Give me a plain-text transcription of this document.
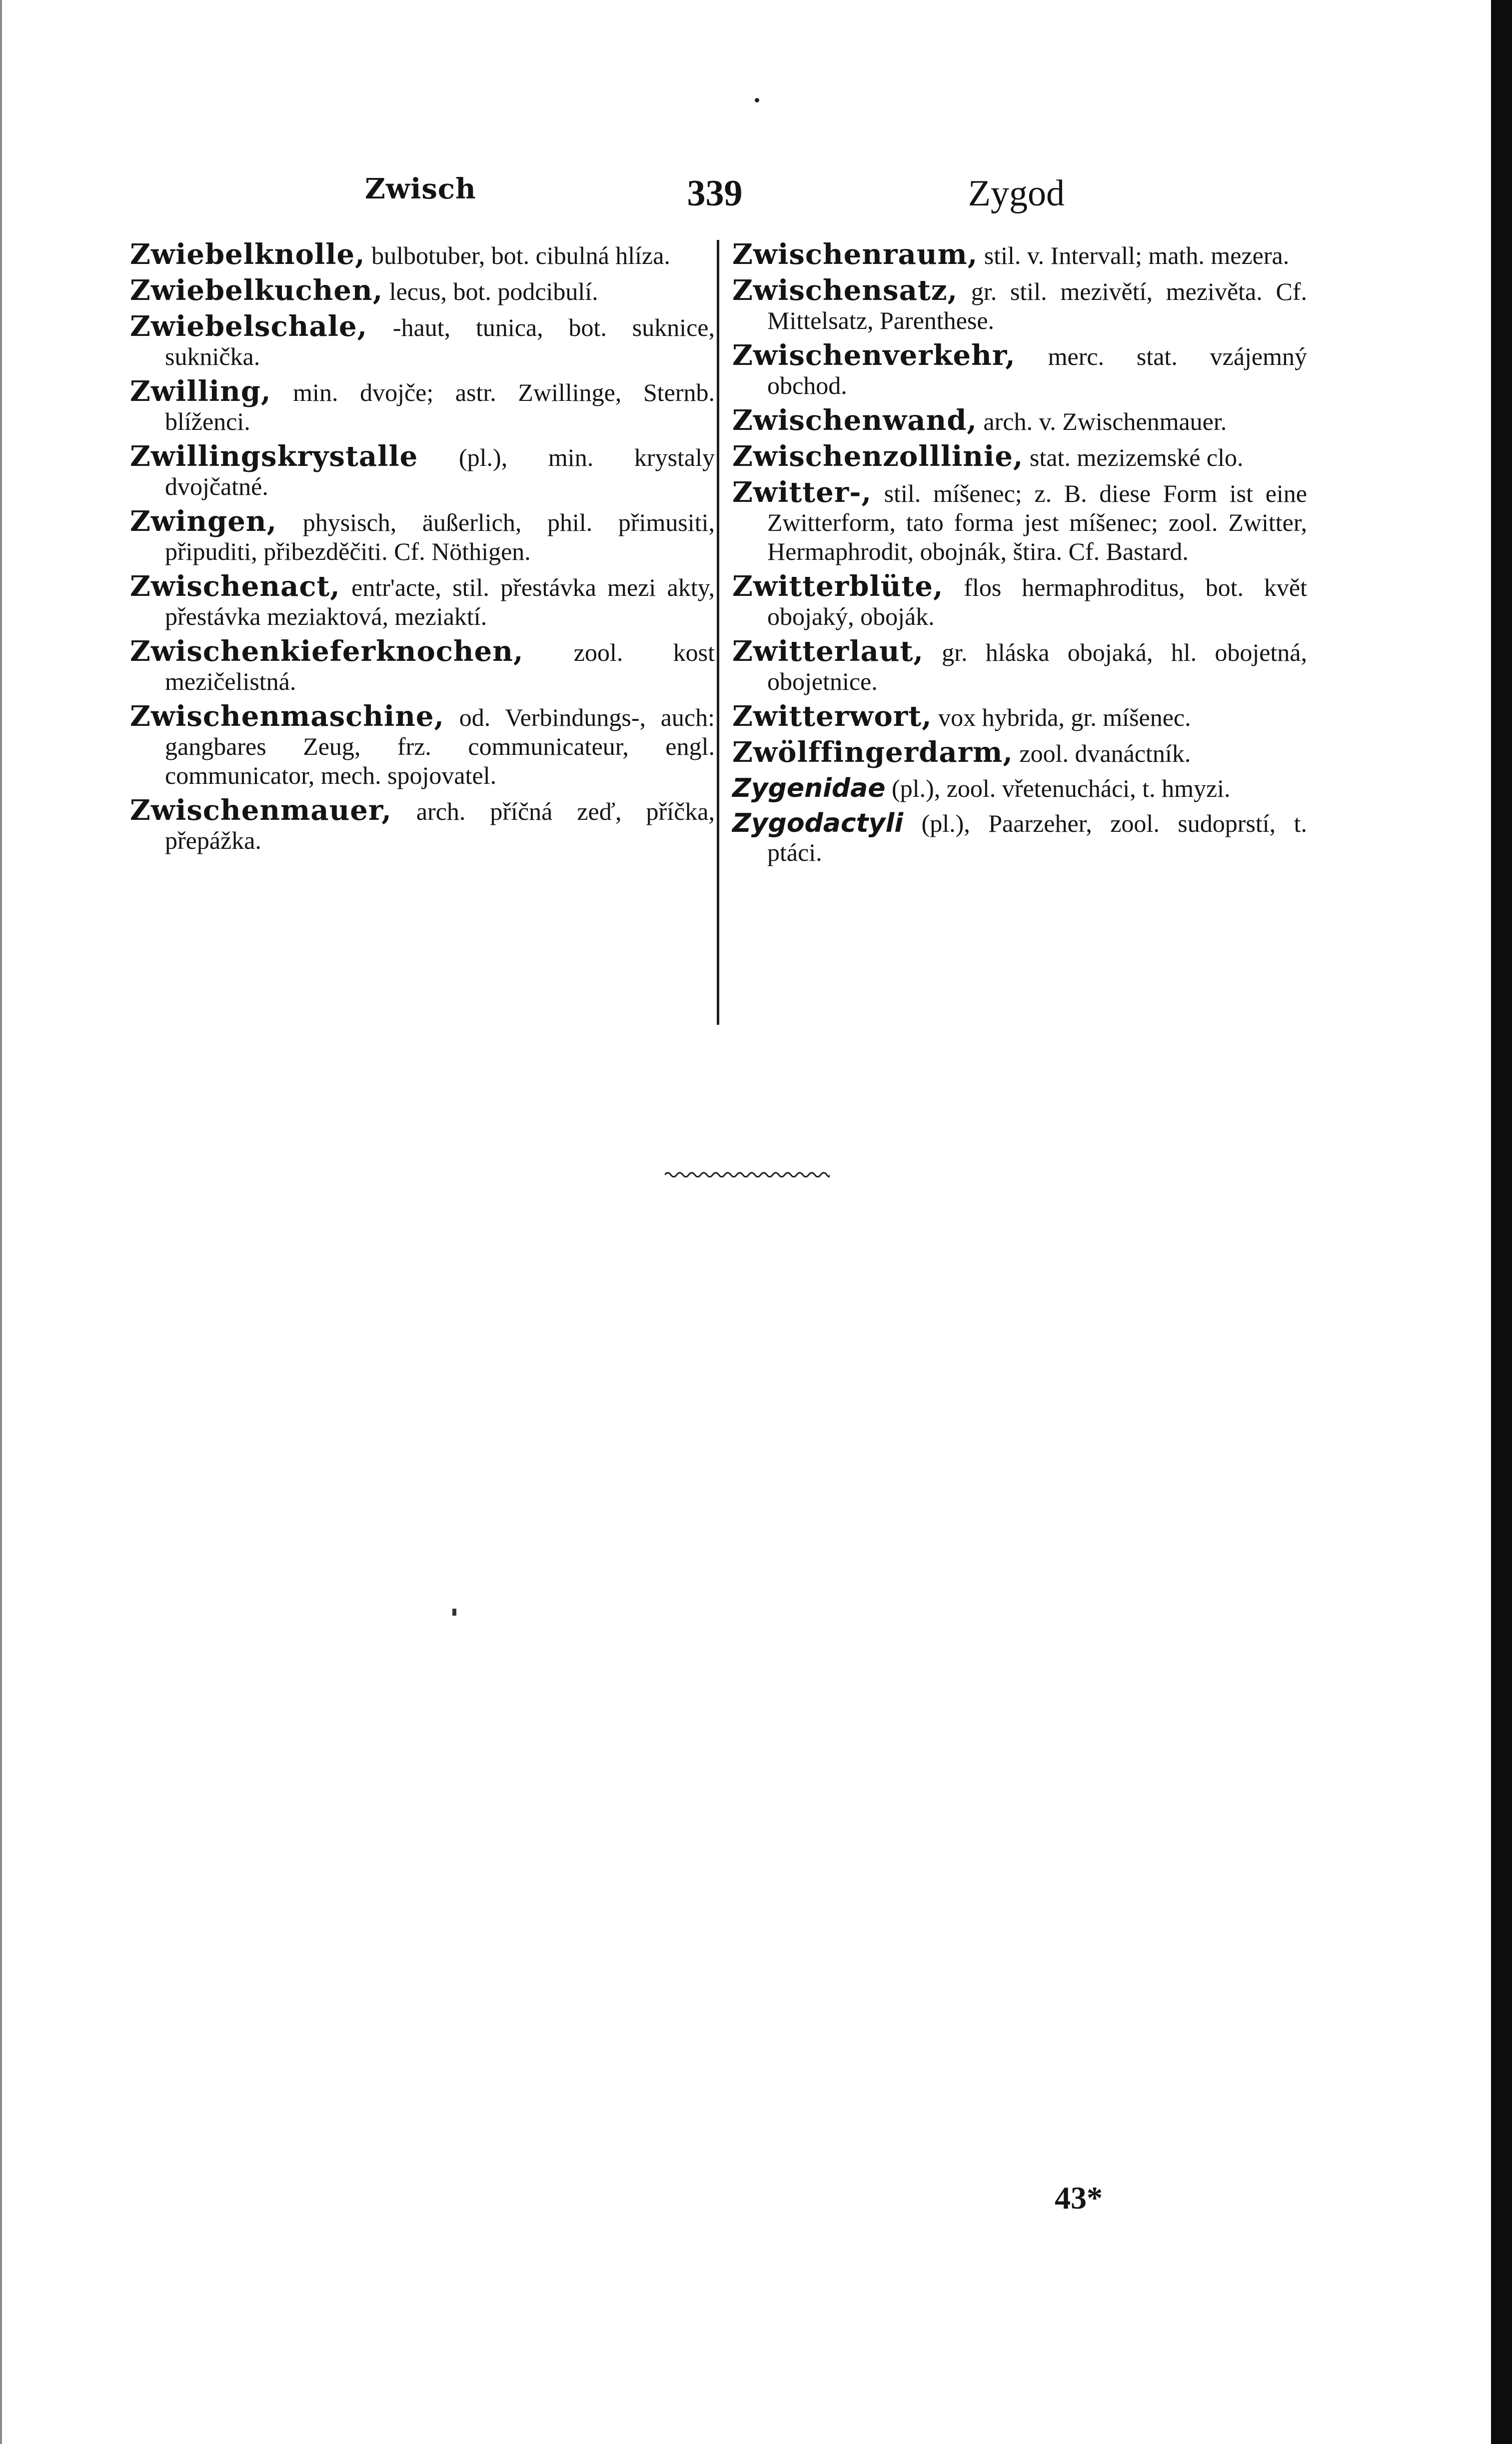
Zwisch	339	Zygod

Zwiebelknolle, bulbotuber, bot. cibulná hlíza.

Zwiebelkuchen, lecus, bot. podcibulí.

Zwiebelschale, -haut, tunica, bot. suknice, suknička.

Zwilling, min. dvojče; astr. Zwillinge, Sternb. blíženci.

Zwillingskrystalle (pl.), min. krystaly dvojčatné.

Zwingen, physisch, äußerlich, phil. přimusiti, připuditi, přibezděčiti. Cf. Nöthigen.

Zwischenact, entr'acte, stil. přestávka mezi akty, přestávka meziaktová, meziaktí.

Zwischenkieferknochen, zool. kost mezičelistná.

Zwischenmaschine, od. Verbindungs-, auch: gangbares Zeug, frz. communicateur, engl. communicator, mech. spojovatel.

Zwischenmauer, arch. příčná zeď, příčka, přepážka.

Zwischenraum, stil. v. Intervall; math. mezera.

Zwischensatz, gr. stil. mezivětí, mezivěta. Cf. Mittelsatz, Parenthese.

Zwischenverkehr, merc. stat. vzájemný obchod.

Zwischenwand, arch. v. Zwischenmauer.

Zwischenzolllinie, stat. mezizemské clo.

Zwitter-, stil. míšenec; z. B. diese Form ist eine Zwitterform, tato forma jest míšenec; zool. Zwitter, Hermaphrodit, obojnák, štira. Cf. Bastard.

Zwitterblüte, flos hermaphroditus, bot. květ obojaký, oboják.

Zwitterlaut, gr. hláska obojaká, hl. obojetná, obojetnice.

Zwitterwort, vox hybrida, gr. míšenec.

Zwölffingerdarm, zool. dvanáctník.

Zygenidae (pl.), zool. vřetenucháci, t. hmyzi.

Zygodactyli (pl.), Paarzeher, zool. sudoprstí, t. ptáci.

43*
